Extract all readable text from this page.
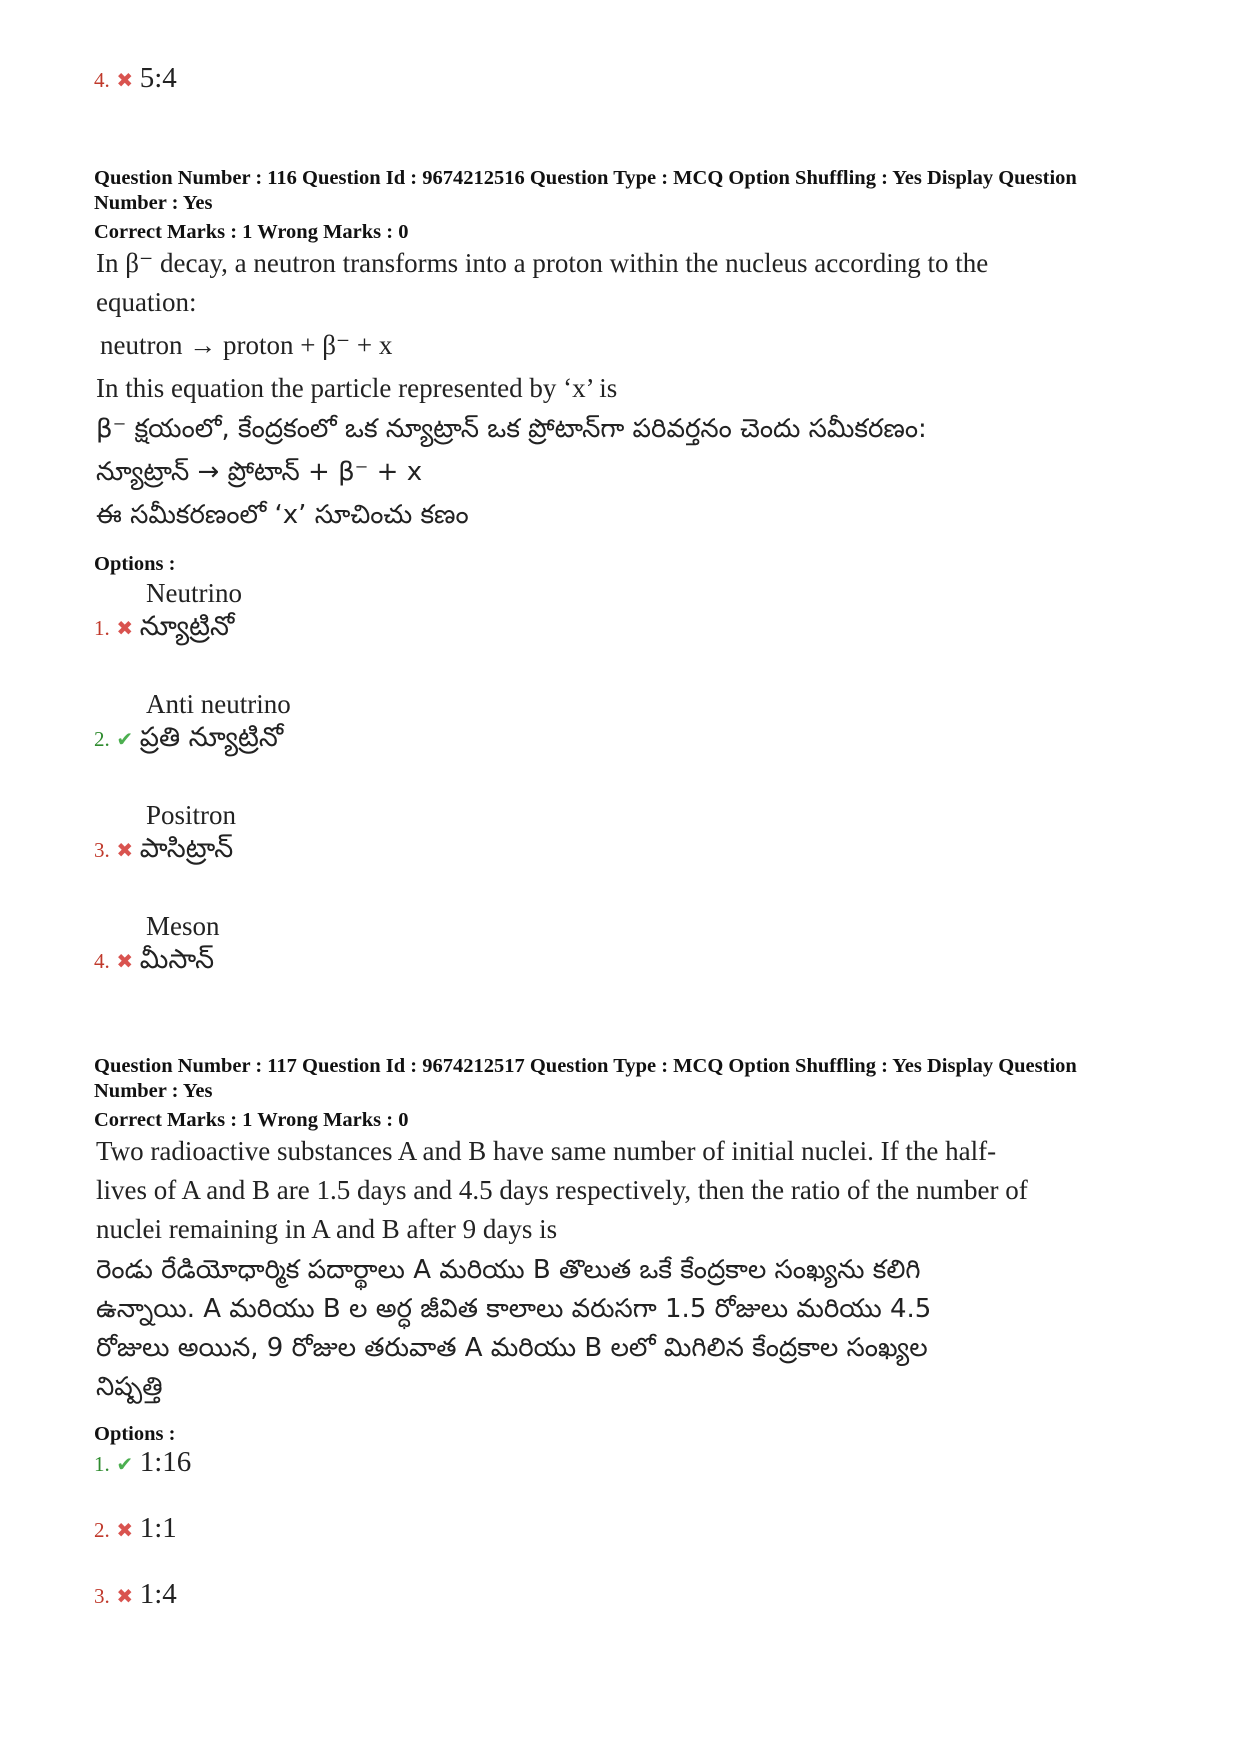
4. ✖ 5:4
Question Number : 116 Question Id : 9674212516 Question Type : MCQ Option Shuffling : Yes Display Question
Number : Yes
Correct Marks : 1 Wrong Marks : 0
In β⁻ decay, a neutron transforms into a proton within the nucleus according to the
equation:
neutron → proton + β⁻ + x
In this equation the particle represented by ‘x’ is
β⁻ క్షయంలో, కేంద్రకంలో ఒక న్యూట్రాన్ ఒక ప్రోటాన్‌గా పరివర్తనం చెందు సమీకరణం:
న్యూట్రాన్ → ప్రోటాన్ + β⁻ + x
ఈ సమీకరణంలో ‘x’ సూచించు కణం
Options :
Neutrino
1. ✖ న్యూట్రినో
Anti neutrino
2. ✔ ప్రతి న్యూట్రినో
Positron
3. ✖ పాసిట్రాన్
Meson
4. ✖ మీసాన్
Question Number : 117 Question Id : 9674212517 Question Type : MCQ Option Shuffling : Yes Display Question
Number : Yes
Correct Marks : 1 Wrong Marks : 0
Two radioactive substances A and B have same number of initial nuclei. If the half-
lives of A and B are 1.5 days and 4.5 days respectively, then the ratio of the number of
nuclei remaining in A and B after 9 days is
రెండు రేడియోధార్మిక పదార్థాలు A మరియు B తొలుత ఒకే కేంద్రకాల సంఖ్యను కలిగి
ఉన్నాయి. A మరియు B ల అర్ధ జీవిత కాలాలు వరుసగా 1.5 రోజులు మరియు 4.5
రోజులు అయిన, 9 రోజుల తరువాత A మరియు B లలో మిగిలిన కేంద్రకాల సంఖ్యల
నిష్పత్తి
Options :
1. ✔ 1:16
2. ✖ 1:1
3. ✖ 1:4
